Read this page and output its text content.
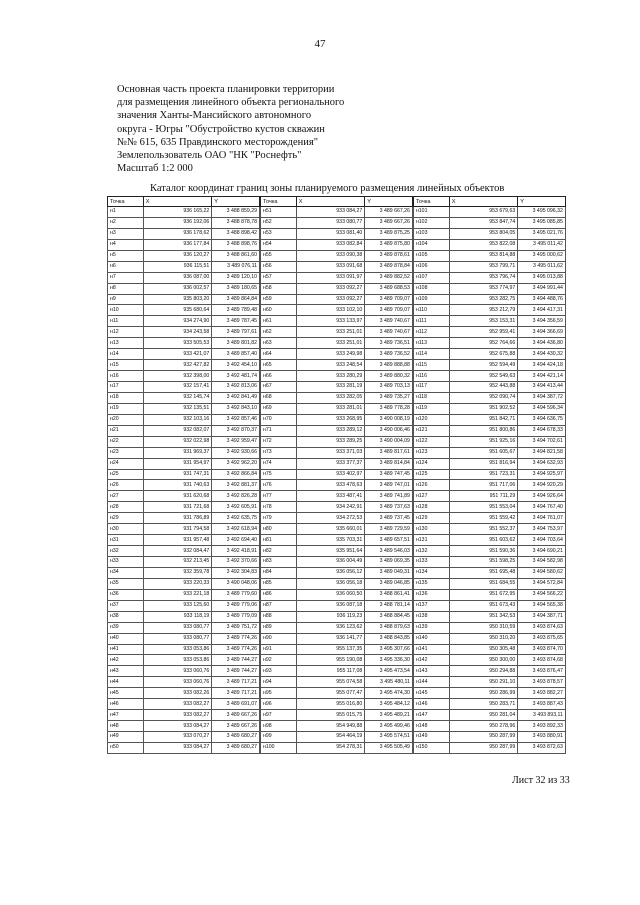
47
Основная часть проекта планировки территории
для размещения линейного объекта регионального
значения Ханты-Мансийского автономного
округа - Югры "Обустройство кустов скважин
№№ 615, 635 Правдинского месторождения"
Землепользователь ОАО "НК "Роснефть"
Масштаб 1:2 000
Каталог координат границ зоны планируемого размещения линейных объектов
Точка	X	Y
н1	936 165,22	3 488 859,29
н2	936 192,06	3 488 878,78
н3	936 178,62	3 488 898,42
н4	936 177,84	3 488 898,76
н5	936 120,27	3 488 861,60
н6	936 115,51	3 489 076,11
н7	936 087,00	3 489 120,10
н8	936 002,57	3 489 180,65
н9	935 803,20	3 489 864,84
н10	935 680,64	3 489 789,48
н11	934 274,90	3 489 787,45
н12	934 243,58	3 489 797,61
н13	933 505,53	3 489 801,82
н14	933 421,07	3 489 857,40
н15	932 427,82	3 492 454,10
н16	932 398,00	3 492 481,74
н17	932 157,41	3 492 813,06
н18	932 145,74	3 492 841,49
н19	932 135,51	3 492 843,10
н20	932 103,16	3 492 857,46
н21	932 082,07	3 492 870,37
н22	932 022,98	3 492 959,47
н23	931 969,37	3 492 930,66
н24	931 954,97	3 492 962,20
н25	931 747,31	3 492 866,84
н26	931 740,63	3 492 881,37
н27	931 620,68	3 492 826,28
н28	931 721,68	3 492 605,91
н29	931 786,89	3 492 635,75
н30	931 794,58	3 492 618,94
н31	931 957,48	3 492 694,40
н32	932 084,47	3 492 418,91
н33	932 213,45	3 492 370,66
н34	932 359,78	3 492 304,83
н35	933 220,33	3 490 048,06
н36	933 221,18	3 489 779,60
н37	933 125,60	3 489 779,06
н38	933 118,19	3 489 779,09
н39	933 080,77	3 489 751,72
н40	933 080,77	3 489 774,26
н41	933 053,86	3 489 774,26
н42	933 053,86	3 489 744,27
н43	933 060,76	3 489 744,27
н44	933 060,76	3 489 717,21
н45	933 082,26	3 489 717,21
н46	933 082,27	3 489 691,07
н47	933 082,27	3 489 667,26
н48	933 084,27	3 489 667,26
н49	933 070,27	3 489 680,27
н50	933 084,27	3 489 680,27
Точка	X	Y
н51	933 084,27	3 489 667,26
н52	933 080,77	3 489 667,26
н53	933 081,40	3 489 875,25
н54	933 082,84	3 489 875,80
н55	933 090,38	3 489 878,61
н56	933 091,68	3 489 878,84
н57	933 091,97	3 489 882,52
н58	933 092,27	3 489 688,53
н59	933 092,27	3 489 709,07
н60	933 102,10	3 489 709,07
н61	933 133,97	3 489 740,67
н62	933 251,01	3 489 740,67
н63	933 251,01	3 489 736,51
н64	933 249,98	3 489 736,52
н65	933 248,54	3 489 888,88
н66	933 280,29	3 489 880,32
н67	933 281,19	3 489 703,13
н68	933 282,05	3 489 735,27
н69	933 281,01	3 489 778,28
н70	933 268,95	3 490 008,19
н71	933 289,12	3 490 006,46
н72	933 289,25	3 490 004,09
н73	933 371,03	3 489 817,61
н74	933 377,37	3 489 814,84
н75	933 402,97	3 489 747,45
н76	933 478,63	3 489 747,01
н77	933 487,41	3 489 741,89
н78	934 242,91	3 489 737,63
н79	934 272,53	3 489 737,45
н80	935 660,01	3 489 729,59
н81	935 703,31	3 489 657,51
н82	935 951,64	3 489 546,03
н83	936 004,49	3 489 069,35
н84	936 056,12	3 489 049,31
н85	936 056,18	3 489 046,85
н86	936 060,50	3 488 861,41
н87	936 087,18	3 488 781,14
н88	936 119,23	3 488 884,45
н89	936 123,62	3 488 879,63
н90	936 141,77	3 488 843,85
н91	955 137,35	3 495 307,66
н92	955 190,08	3 495 336,30
н93	955 117,08	3 495 473,54
н94	955 074,58	3 495 480,11
н95	955 077,47	3 495 474,30
н96	955 016,80	3 495 484,12
н97	955 015,75	3 495 489,21
н98	954 949,88	3 495 499,46
н99	954 464,19	3 495 574,51
н100	954 278,31	3 495 505,49
Точка	X	Y
н101	953 679,63	3 495 096,32
н102	953 847,74	3 495 085,85
н103	953 804,05	3 495 021,76
н104	953 822,08	3 495 011,42
н105	953 814,88	3 495 000,62
н106	953 799,71	3 495 011,62
н107	953 796,74	3 495 013,88
н108	953 774,97	3 494 991,44
н109	953 282,75	3 494 488,76
н110	953 212,79	3 494 417,31
н111	953 153,31	3 494 356,59
н112	952 959,41	3 494 366,69
н113	952 764,66	3 494 436,80
н114	952 675,88	3 494 430,32
н115	952 594,49	3 494 424,18
н116	952 549,63	3 494 421,14
н117	952 443,88	3 494 413,44
н118	952 090,74	3 494 387,72
н119	951 902,52	3 494 596,34
н120	951 842,71	3 494 636,75
н121	951 800,86	3 494 678,33
н122	951 925,16	3 494 702,61
н123	951 605,67	3 494 821,58
н124	951 816,94	3 494 632,93
н125	951 723,31	3 494 925,97
н126	951 717,06	3 494 920,29
н127	951 711,29	3 494 926,64
н128	951 553,04	3 494 767,40
н129	951 559,42	3 494 761,07
н130	951 552,37	3 494 753,97
н131	951 603,62	3 494 703,64
н132	951 590,36	3 494 690,21
н133	951 598,25	3 494 582,98
н134	951 695,48	3 494 580,62
н135	951 684,55	3 494 572,84
н136	951 672,95	3 494 566,22
н137	951 673,43	3 494 565,38
н138	951 342,53	3 494 387,71
н139	950 310,59	3 493 874,63
н140	950 310,20	3 493 875,65
н141	950 305,48	3 493 874,70
н142	950 300,00	3 493 874,68
н143	950 294,88	3 493 876,47
н144	950 291,10	3 493 878,57
н145	950 286,99	3 493 882,27
н146	950 283,71	3 493 887,43
н147	950 281,04	3 493 893,11
н148	950 278,96	3 493 892,33
н149	950 287,99	3 493 880,91
н150	950 287,99	3 493 872,63
Лист 32 из 33
